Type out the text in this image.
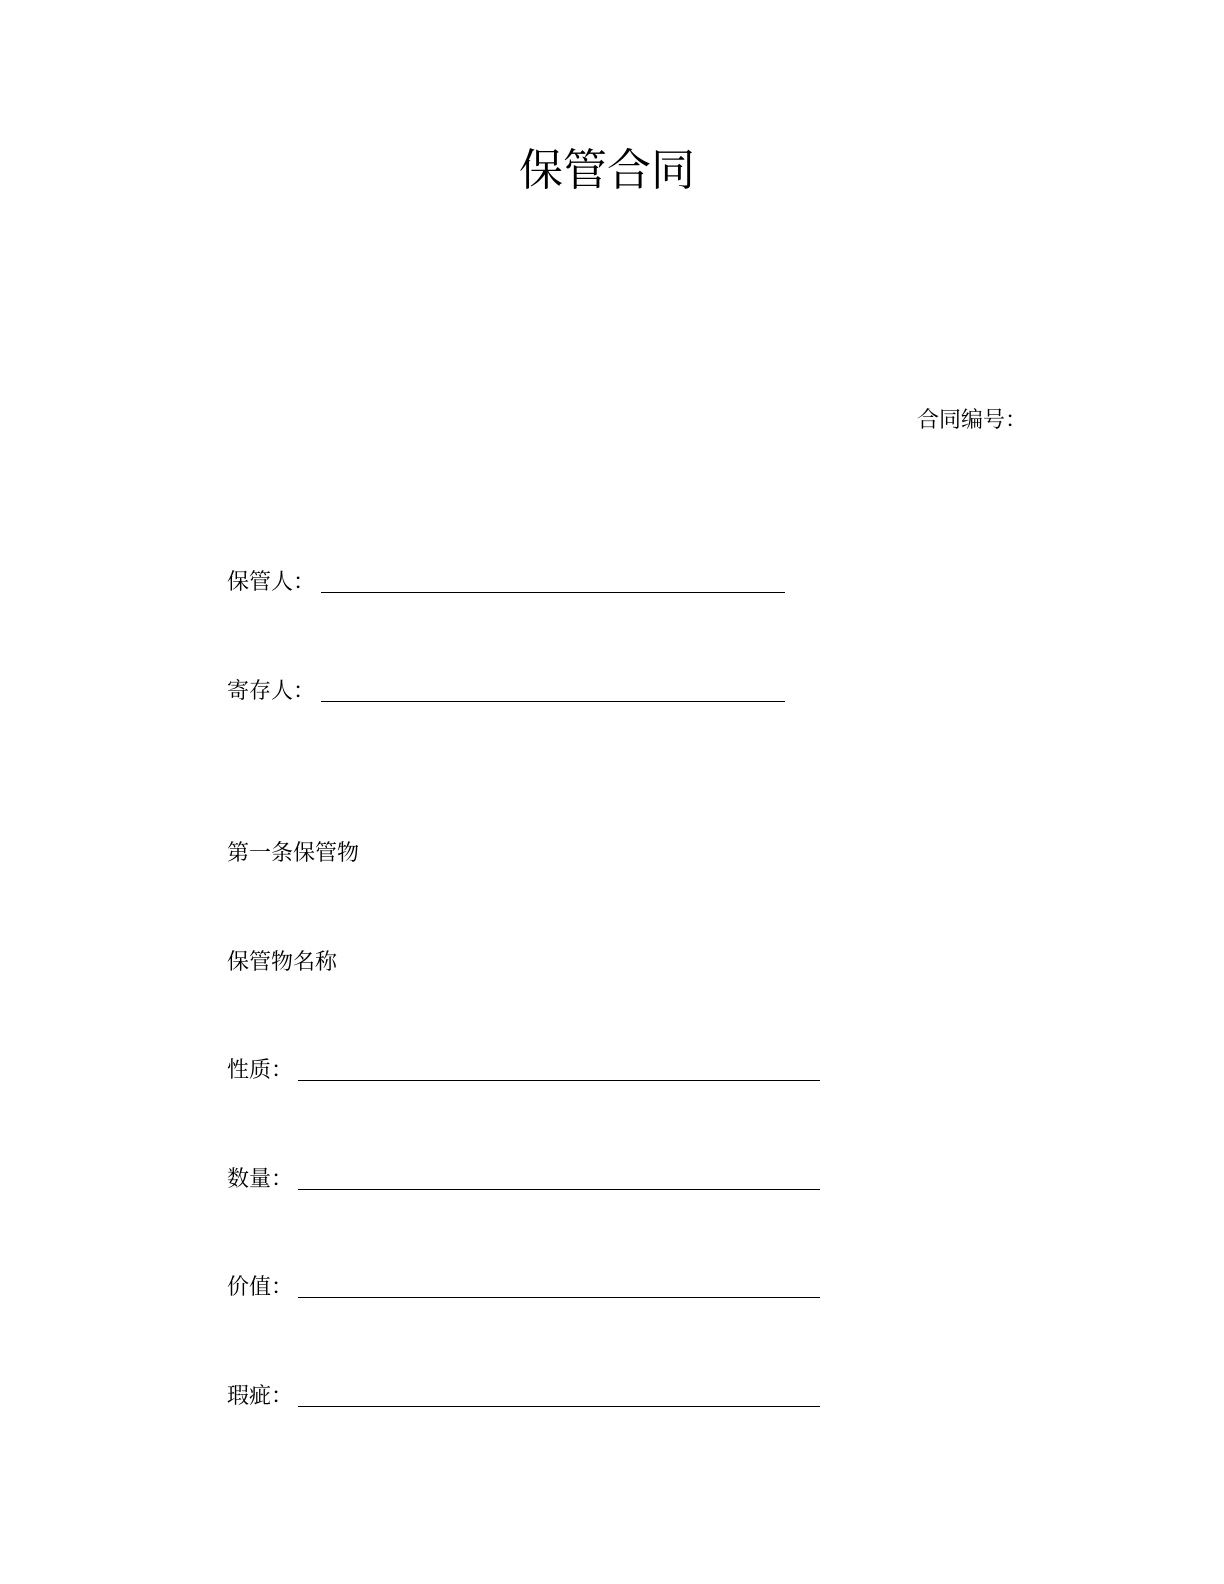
保管合同
合同编号：
保管人：
寄存人：
第一条保管物
保管物名称
性质：
数量：
价值：
瑕疵：
